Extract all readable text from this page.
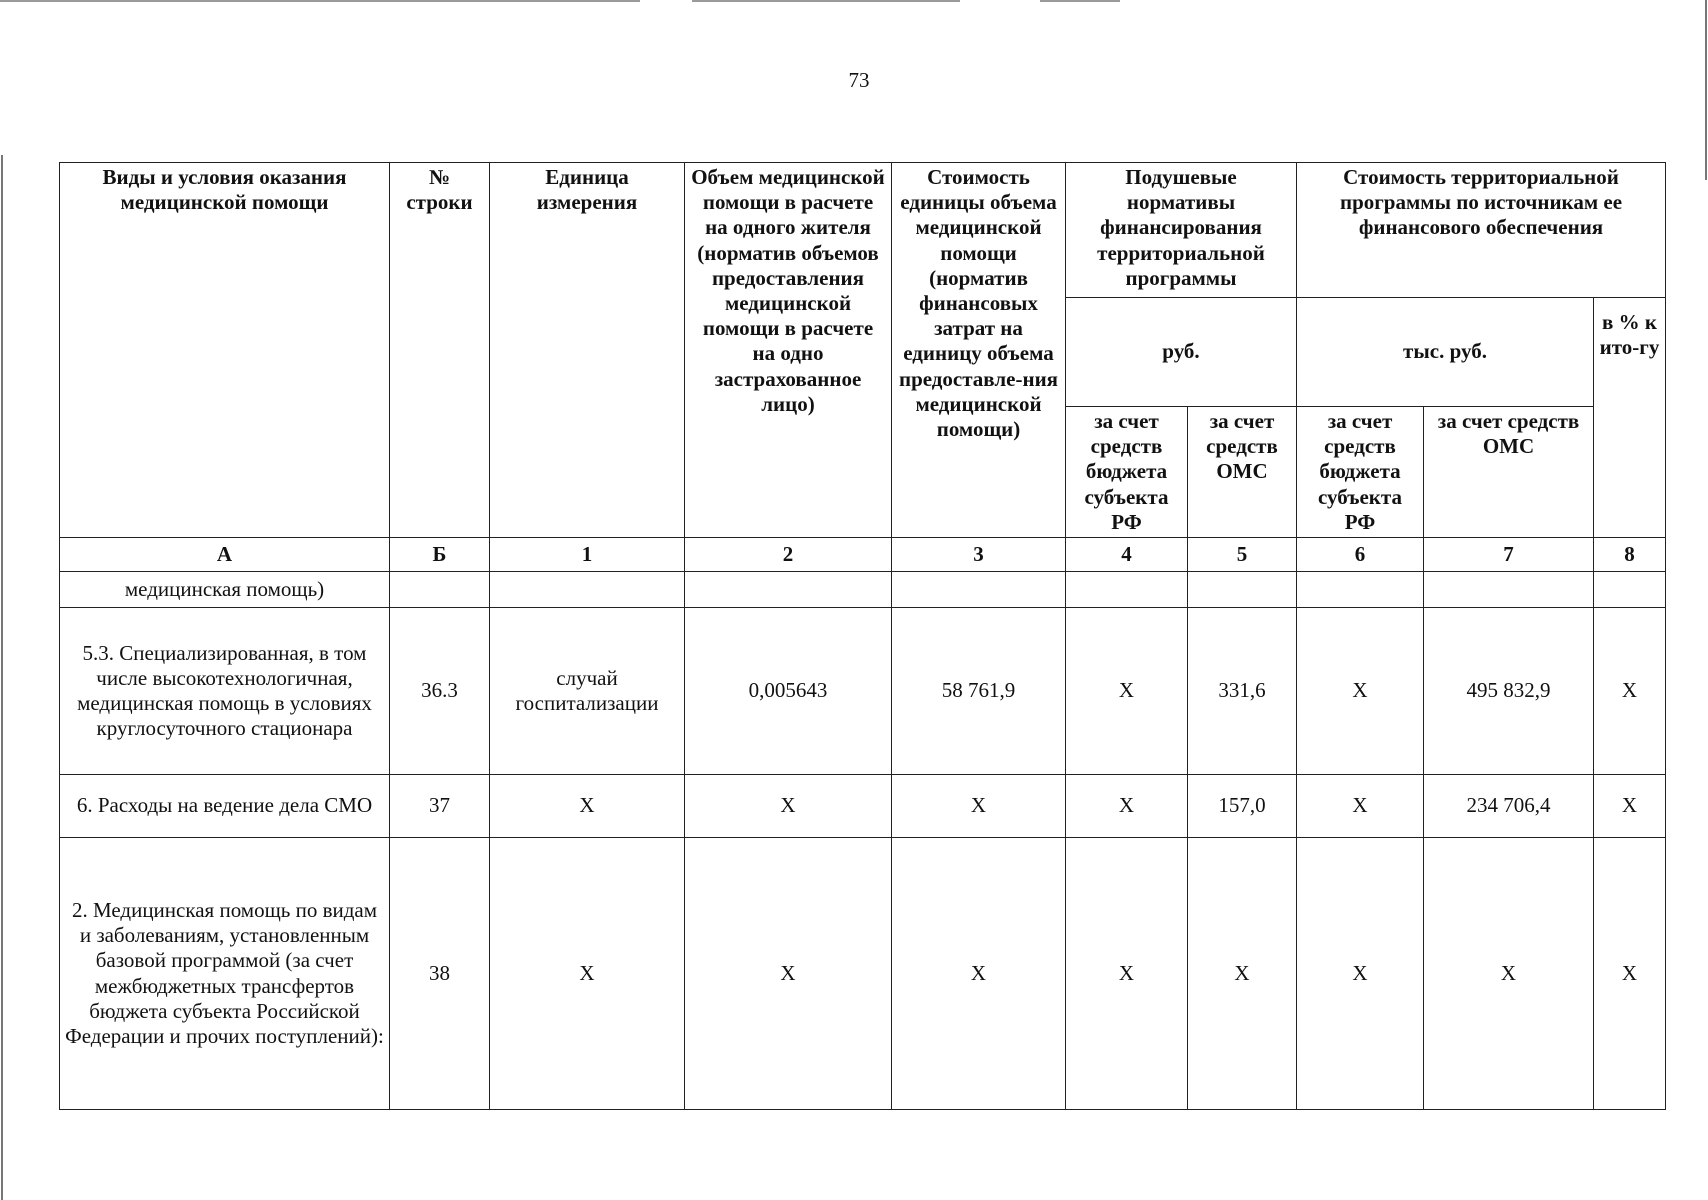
73
Виды и условия оказания медицинской помощи	№ строки	Единица измерения	Объем медицинской помощи в расчете на одного жителя (норматив объемов предоставления медицинской помощи в расчете на одно застрахованное лицо)	Стоимость единицы объема медицинской помощи (норматив финансовых затрат на единицу объема предоставле-ния медицинской помощи)	Подушевые нормативы финансирования территориальной программы		Стоимость территориальной программы по источникам ее финансового обеспечения		
					руб.		тыс. руб.		в % к ито-гу
					за счет средств бюджета субъекта РФ	за счет средств ОМС	за счет средств бюджета субъекта РФ	за счет средств ОМС	
А	Б	1	2	3	4	5	6	7	8
медицинская помощь)									
5.3. Специализированная, в том числе высокотехнологичная, медицинская помощь в условиях круглосуточного стационара	36.3	случай госпитализации	0,005643	58 761,9	Х	331,6	Х	495 832,9	Х
6. Расходы на ведение дела СМО	37	Х	Х	Х	Х	157,0	Х	234 706,4	Х
2. Медицинская помощь по видам и заболеваниям, установленным базовой программой (за счет межбюджетных трансфертов бюджета субъекта Российской Федерации и прочих поступлений):	38	Х	Х	Х	Х	Х	Х	Х	Х
